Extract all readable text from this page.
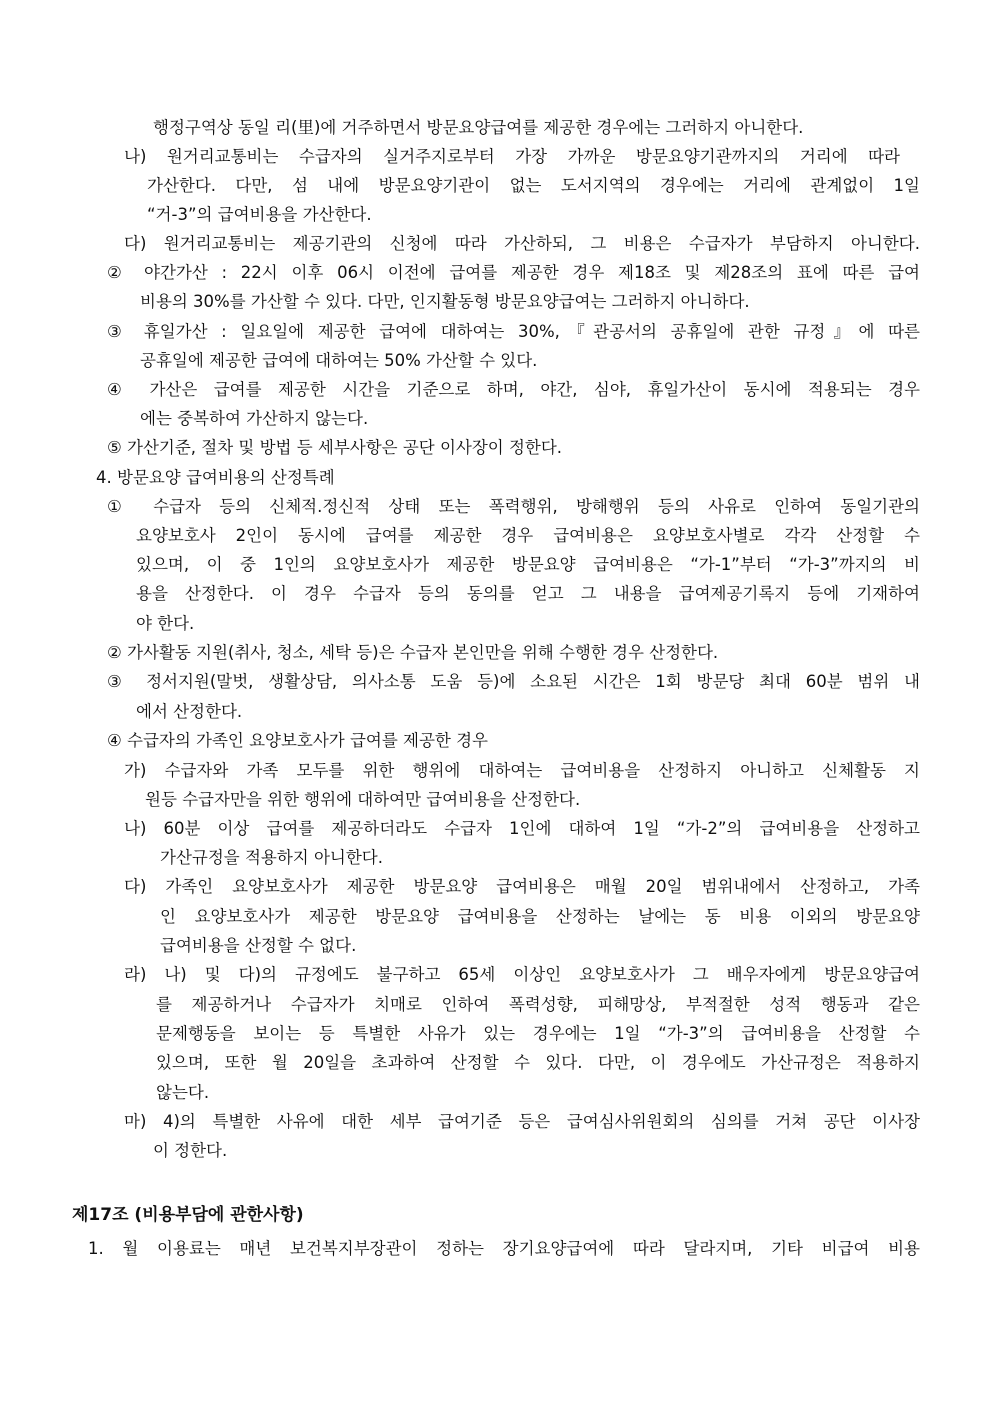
행정구역상 동일 리(里)에 거주하면서 방문요양급여를 제공한 경우에는 그러하지 아니한다.
나) 원거리교통비는 수급자의 실거주지로부터 가장 가까운 방문요양기관까지의 거리에 따라
가산한다. 다만, 섬 내에 방문요양기관이 없는 도서지역의 경우에는 거리에 관계없이 1일
“거-3”의 급여비용을 가산한다.
다) 원거리교통비는 제공기관의 신청에 따라 가산하되, 그 비용은 수급자가 부담하지 아니한다.
② 야간가산 : 22시 이후 06시 이전에 급여를 제공한 경우 제18조 및 제28조의 표에 따른 급여
비용의 30%를 가산할 수 있다. 다만, 인지활동형 방문요양급여는 그러하지 아니하다.
③ 휴일가산 : 일요일에 제공한 급여에 대하여는 30%,『관공서의 공휴일에 관한 규정』에 따른
공휴일에 제공한 급여에 대하여는 50% 가산할 수 있다.
④ 가산은 급여를 제공한 시간을 기준으로 하며, 야간, 심야, 휴일가산이 동시에 적용되는 경우
에는 중복하여 가산하지 않는다.
⑤ 가산기준, 절차 및 방법 등 세부사항은 공단 이사장이 정한다.
4. 방문요양 급여비용의 산정특례
① 수급자 등의 신체적.정신적 상태 또는 폭력행위, 방해행위 등의 사유로 인하여 동일기관의
요양보호사 2인이 동시에 급여를 제공한 경우 급여비용은 요양보호사별로 각각 산정할 수
있으며, 이 중 1인의 요양보호사가 제공한 방문요양 급여비용은 “가-1”부터 “가-3”까지의 비
용을 산정한다. 이 경우 수급자 등의 동의를 얻고 그 내용을 급여제공기록지 등에 기재하여
야 한다.
② 가사활동 지원(취사, 청소, 세탁 등)은 수급자 본인만을 위해 수행한 경우 산정한다.
③ 정서지원(말벗, 생활상담, 의사소통 도움 등)에 소요된 시간은 1회 방문당 최대 60분 범위 내
에서 산정한다.
④ 수급자의 가족인 요양보호사가 급여를 제공한 경우
가) 수급자와 가족 모두를 위한 행위에 대하여는 급여비용을 산정하지 아니하고 신체활동 지
원등 수급자만을 위한 행위에 대하여만 급여비용을 산정한다.
나) 60분 이상 급여를 제공하더라도 수급자 1인에 대하여 1일 “가-2”의 급여비용을 산정하고
가산규정을 적용하지 아니한다.
다) 가족인 요양보호사가 제공한 방문요양 급여비용은 매월 20일 범위내에서 산정하고, 가족
인 요양보호사가 제공한 방문요양 급여비용을 산정하는 날에는 동 비용 이외의 방문요양
급여비용을 산정할 수 없다.
라) 나) 및 다)의 규정에도 불구하고 65세 이상인 요양보호사가 그 배우자에게 방문요양급여
를 제공하거나 수급자가 치매로 인하여 폭력성향, 피해망상, 부적절한 성적 행동과 같은
문제행동을 보이는 등 특별한 사유가 있는 경우에는 1일 “가-3”의 급여비용을 산정할 수
있으며, 또한 월 20일을 초과하여 산정할 수 있다. 다만, 이 경우에도 가산규정은 적용하지
않는다.
마) 4)의 특별한 사유에 대한 세부 급여기준 등은 급여심사위원회의 심의를 거쳐 공단 이사장
이 정한다.
제17조 (비용부담에 관한사항)
1. 월 이용료는 매년 보건복지부장관이 정하는 장기요양급여에 따라 달라지며, 기타 비급여 비용
